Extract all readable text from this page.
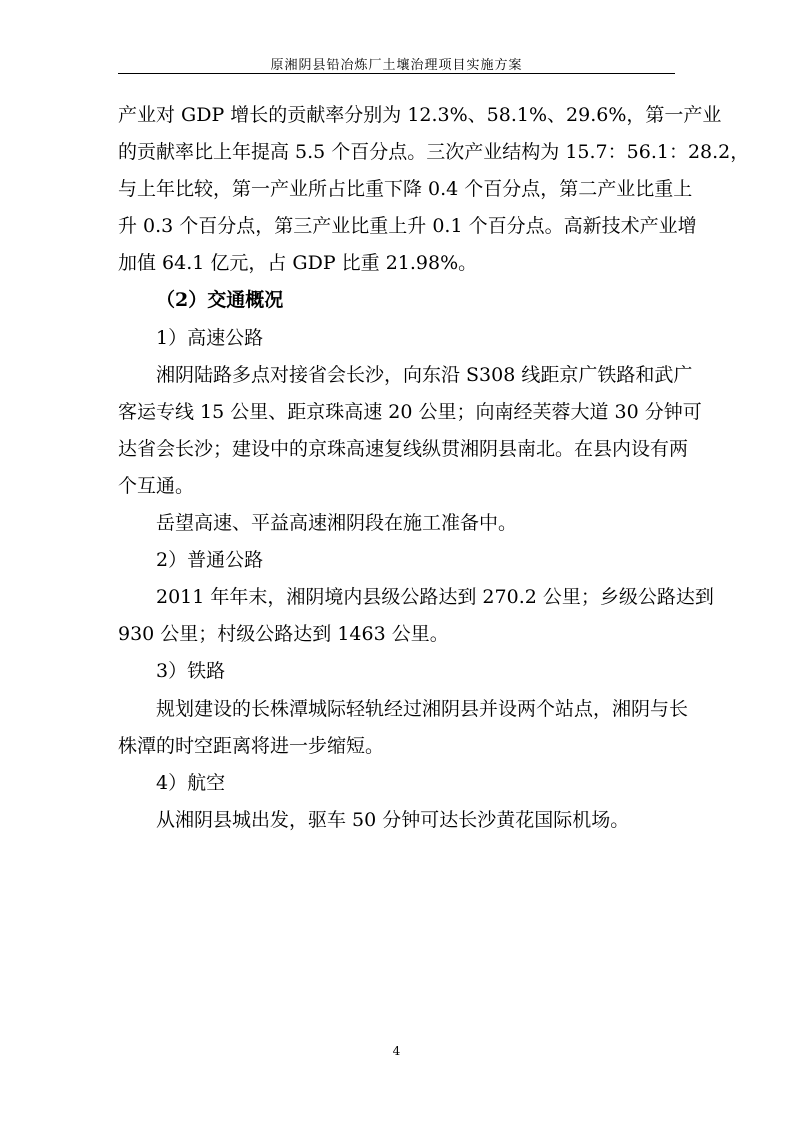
原湘阴县铅冶炼厂土壤治理项目实施方案
产业对 GDP 增长的贡献率分别为 12.3%、58.1%、29.6%，第一产业
的贡献率比上年提高 5.5 个百分点。三次产业结构为 15.7：56.1：28.2，
与上年比较，第一产业所占比重下降 0.4 个百分点，第二产业比重上
升 0.3 个百分点，第三产业比重上升 0.1 个百分点。高新技术产业增
加值 64.1 亿元，占 GDP 比重 21.98%。
（2）交通概况
1）高速公路
湘阴陆路多点对接省会长沙，向东沿 S308 线距京广铁路和武广
客运专线 15 公里、距京珠高速 20 公里；向南经芙蓉大道 30 分钟可
达省会长沙；建设中的京珠高速复线纵贯湘阴县南北。在县内设有两
个互通。
岳望高速、平益高速湘阴段在施工准备中。
2）普通公路
2011 年年末，湘阴境内县级公路达到 270.2 公里；乡级公路达到
930 公里；村级公路达到 1463 公里。
3）铁路
规划建设的长株潭城际轻轨经过湘阴县并设两个站点，湘阴与长
株潭的时空距离将进一步缩短。
4）航空
从湘阴县城出发，驱车 50 分钟可达长沙黄花国际机场。
4
